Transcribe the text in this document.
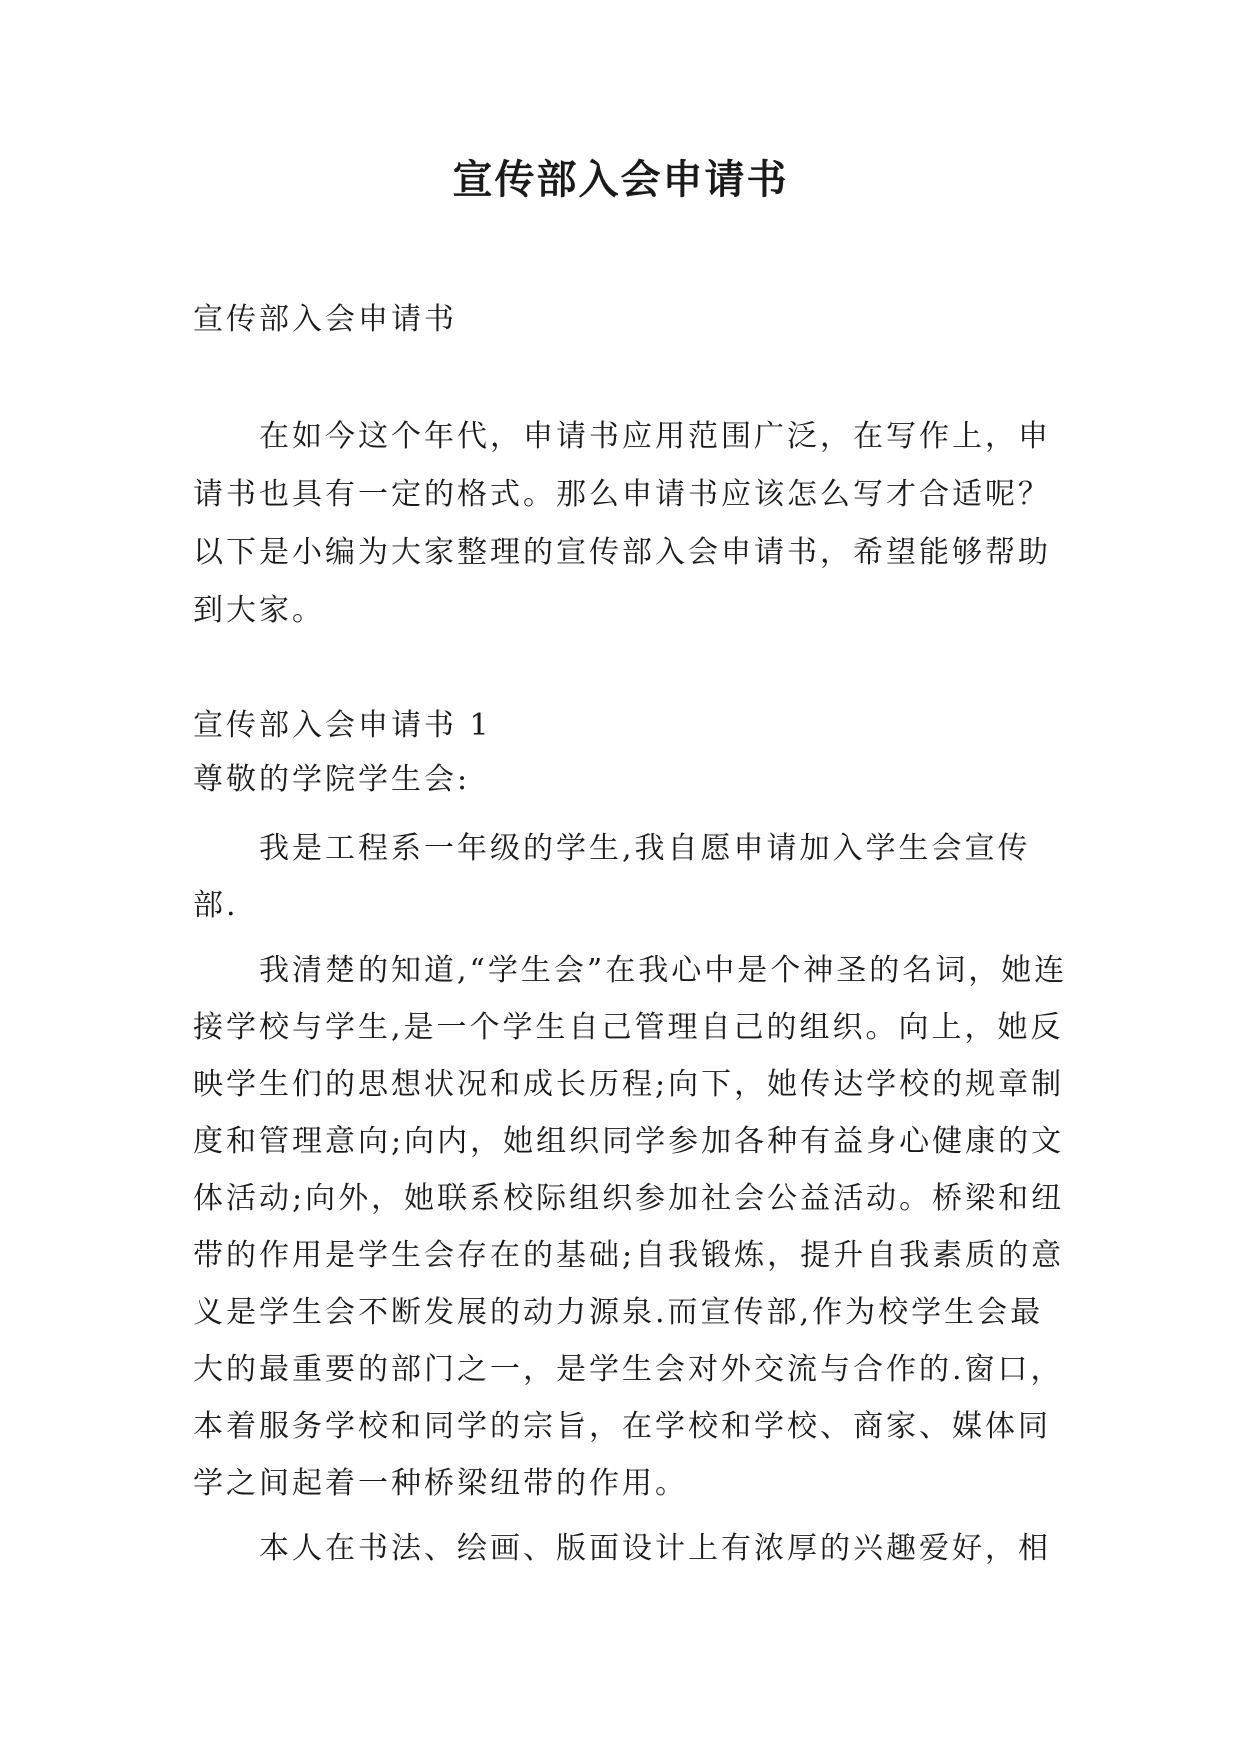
宣传部入会申请书
宣传部入会申请书

在如今这个年代，申请书应用范围广泛，在写作上，申请书也具有一定的格式。那么申请书应该怎么写才合适呢？以下是小编为大家整理的宣传部入会申请书，希望能够帮助到大家。

宣传部入会申请书 1
尊敬的学院学生会:

我是工程系一年级的学生,我自愿申请加入学生会宣传部.

我清楚的知道,“学生会”在我心中是个神圣的名词，她连接学校与学生,是一个学生自己管理自己的组织。向上，她反映学生们的思想状况和成长历程;向下，她传达学校的规章制度和管理意向;向内，她组织同学参加各种有益身心健康的文体活动;向外，她联系校际组织参加社会公益活动。桥梁和纽带的作用是学生会存在的基础;自我锻炼，提升自我素质的意义是学生会不断发展的动力源泉.而宣传部,作为校学生会最大的最重要的部门之一，是学生会对外交流与合作的.窗口，本着服务学校和同学的宗旨，在学校和学校、商家、媒体同学之间起着一种桥梁纽带的作用。

本人在书法、绘画、版面设计上有浓厚的兴趣爱好，相
